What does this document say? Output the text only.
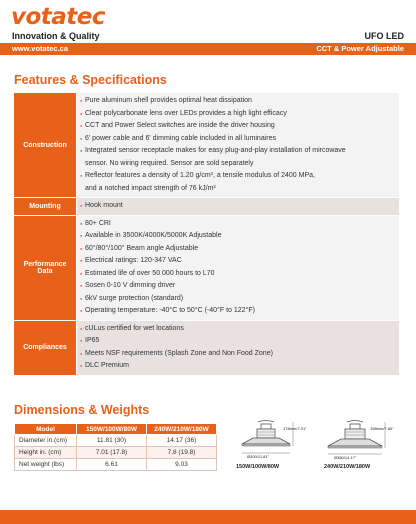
votatec
Innovation & Quality	UFO LED
www.votatec.ca	CCT & Power Adjustable
Features & Specifications
Construction
● Pure aluminum shell provides optimal heat dissipation
● Clear polycarbonate lens over LEDs provides a high light efficacy
● CCT and Power Select switches are inside the driver housing
● 6' power cable and 6' dimming cable included in all luminaires
● Integrated sensor receptacle makes for easy plug-and-play installation of mircowave
sensor. No wiring required. Sensor are sold separately
● Reflector features a density of 1.20 g/cm³, a tensile modulus of 2400 MPa,
and a notched impact strength of 76 kJ/m²
Mounting	● Hook mount
Performance Data
● 80+ CRI
● Available in 3500K/4000K/5000K Adjustable
● 60°/80°/100° Beam angle Adjustable
● Electrical ratings: 120-347 VAC
● Estimated life of over 50 000 hours to L70
● Sosen 0-10 V dimming driver
● 6kV surge protection (standard)
● Operating temperature: -40°C to 50°C (-40°F to 122°F)
Compliances
● cULus certified for wet locations
● IP65
● Meets NSF requirements (Splash Zone and Non Food Zone)
● DLC Premium
Dimensions & Weights
Model	150W/100W/80W	240W/210W/180W
Diameter in.(cm)	11.81 (30)	14.17 (36)
Height in. (cm)	7.01 (17.8)	7.8 (19.8)
Net weight (lbs)	6.61	9.03
178mm/7.01"
Ø300/11.81"
150W/100W/80W
198mm/7.80"
Ø360/14.17"
240W/210W/180W
